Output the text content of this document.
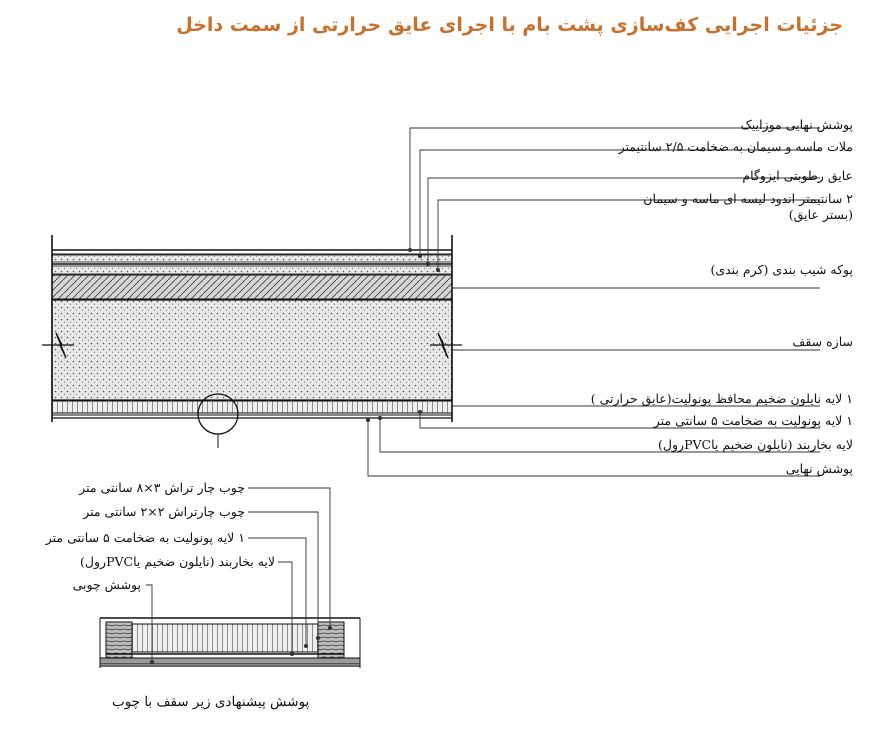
جزئیات اجرایی کف‌سازی پشت بام با اجرای عایق حرارتی از سمت داخل
پوشش نهایی موزاییک
ملات ماسه و سیمان به ضخامت ۲/۵ سانتیمتر
عایق رطوبتی ایزوگام
۲ سانتیمتر اندود لیسه ای ماسه و سیمان
(بستر عایق)
پوکه شیب بندی (کرم بندی)
سازه سقف
۱ لایه نایلون ضخیم محافظ پونولیت(عایق حرارتی )
۱ لایه پونولیت به ضخامت ۵ سانتی متر
لایه بخاربند (نایلون ضخیم یاPVCرول)
پوشش نهایی
چوب چار تراش ۳×۸ سانتی متر
چوب چارتراش ۲×۲ سانتی متر
۱ لایه پونولیت به ضخامت ۵ سانتی متر
لایه بخاربند (نایلون ضخیم یاPVCرول)
پوشش چوبی
پوشش پیشنهادی زیر سقف با چوب
